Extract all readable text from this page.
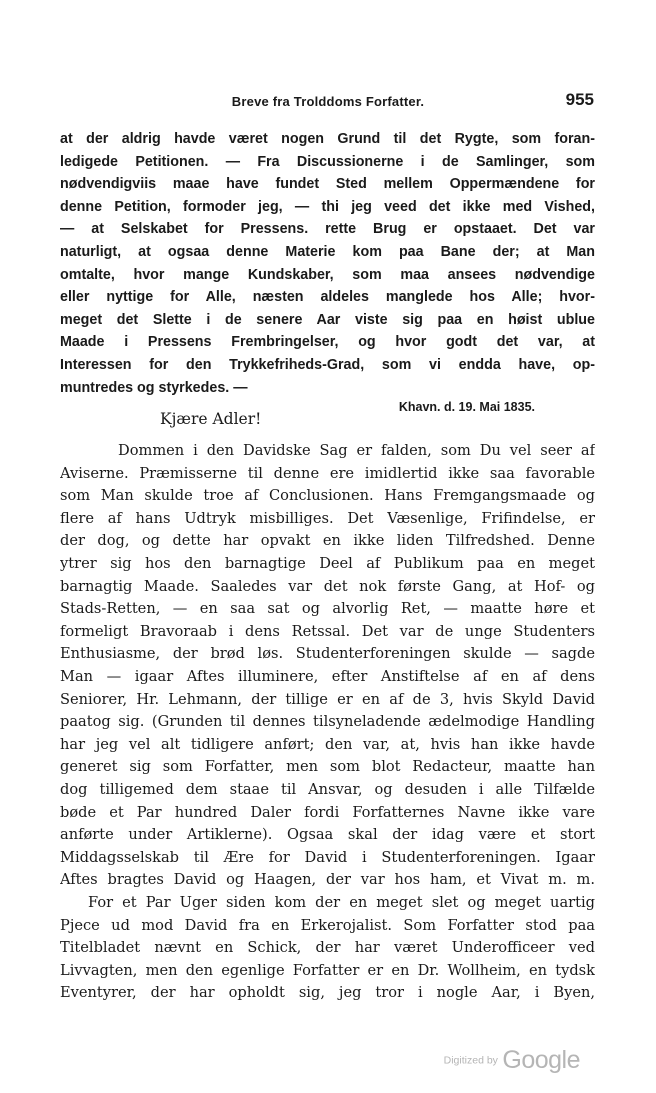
Breve fra Trolddoms Forfatter.	955
at der aldrig havde været nogen Grund til det Rygte, som foran-
ledigede Petitionen. — Fra Discussionerne i de Samlinger, som
nødvendigviis maae have fundet Sted mellem Oppermændene for
denne Petition, formoder jeg, — thi jeg veed det ikke med Vished,
— at Selskabet for Pressens. rette Brug er opstaaet. Det var
naturligt, at ogsaa denne Materie kom paa Bane der; at Man
omtalte, hvor mange Kundskaber, som maa ansees nødvendige
eller nyttige for Alle, næsten aldeles manglede hos Alle; hvor-
meget det Slette i de senere Aar viste sig paa en høist ublue
Maade i Pressens Frembringelser, og hvor godt det var, at
Interessen for den Trykkefriheds-Grad, som vi endda have, op-
muntredes og styrkedes. —
Khavn. d. 19. Mai 1835.
Kjære Adler!
Dommen i den Davidske Sag er falden, som Du vel seer af
Aviserne. Præmisserne til denne ere imidlertid ikke saa favorable
som Man skulde troe af Conclusionen. Hans Fremgangsmaade og
flere af hans Udtryk misbilliges. Det Væsenlige, Frifindelse, er
der dog, og dette har opvakt en ikke liden Tilfredshed. Denne
ytrer sig hos den barnagtige Deel af Publikum paa en meget
barnagtig Maade. Saaledes var det nok første Gang, at Hof- og
Stads-Retten, — en saa sat og alvorlig Ret, — maatte høre et
formeligt Bravoraab i dens Retssal. Det var de unge Studenters
Enthusiasme, der brød løs. Studenterforeningen skulde — sagde
Man — igaar Aftes illuminere, efter Anstiftelse af en af dens
Seniorer, Hr. Lehmann, der tillige er en af de 3, hvis Skyld David
paatog sig. (Grunden til dennes tilsyneladende ædelmodige Handling
har jeg vel alt tidligere anført; den var, at, hvis han ikke havde
generet sig som Forfatter, men som blot Redacteur, maatte han
dog tilligemed dem staae til Ansvar, og desuden i alle Tilfælde
bøde et Par hundred Daler fordi Forfatternes Navne ikke vare
anførte under Artiklerne). Ogsaa skal der idag være et stort
Middagsselskab til Ære for David i Studenterforeningen. Igaar
Aftes bragtes David og Haagen, der var hos ham, et Vivat m. m.
For et Par Uger siden kom der en meget slet og meget uartig
Pjece ud mod David fra en Erkerojalist. Som Forfatter stod paa
Titelbladet nævnt en Schick, der har været Underofficeer ved
Livvagten, men den egenlige Forfatter er en Dr. Wollheim, en tydsk
Eventyrer, der har opholdt sig, jeg tror i nogle Aar, i Byen,
Digitized by Google
